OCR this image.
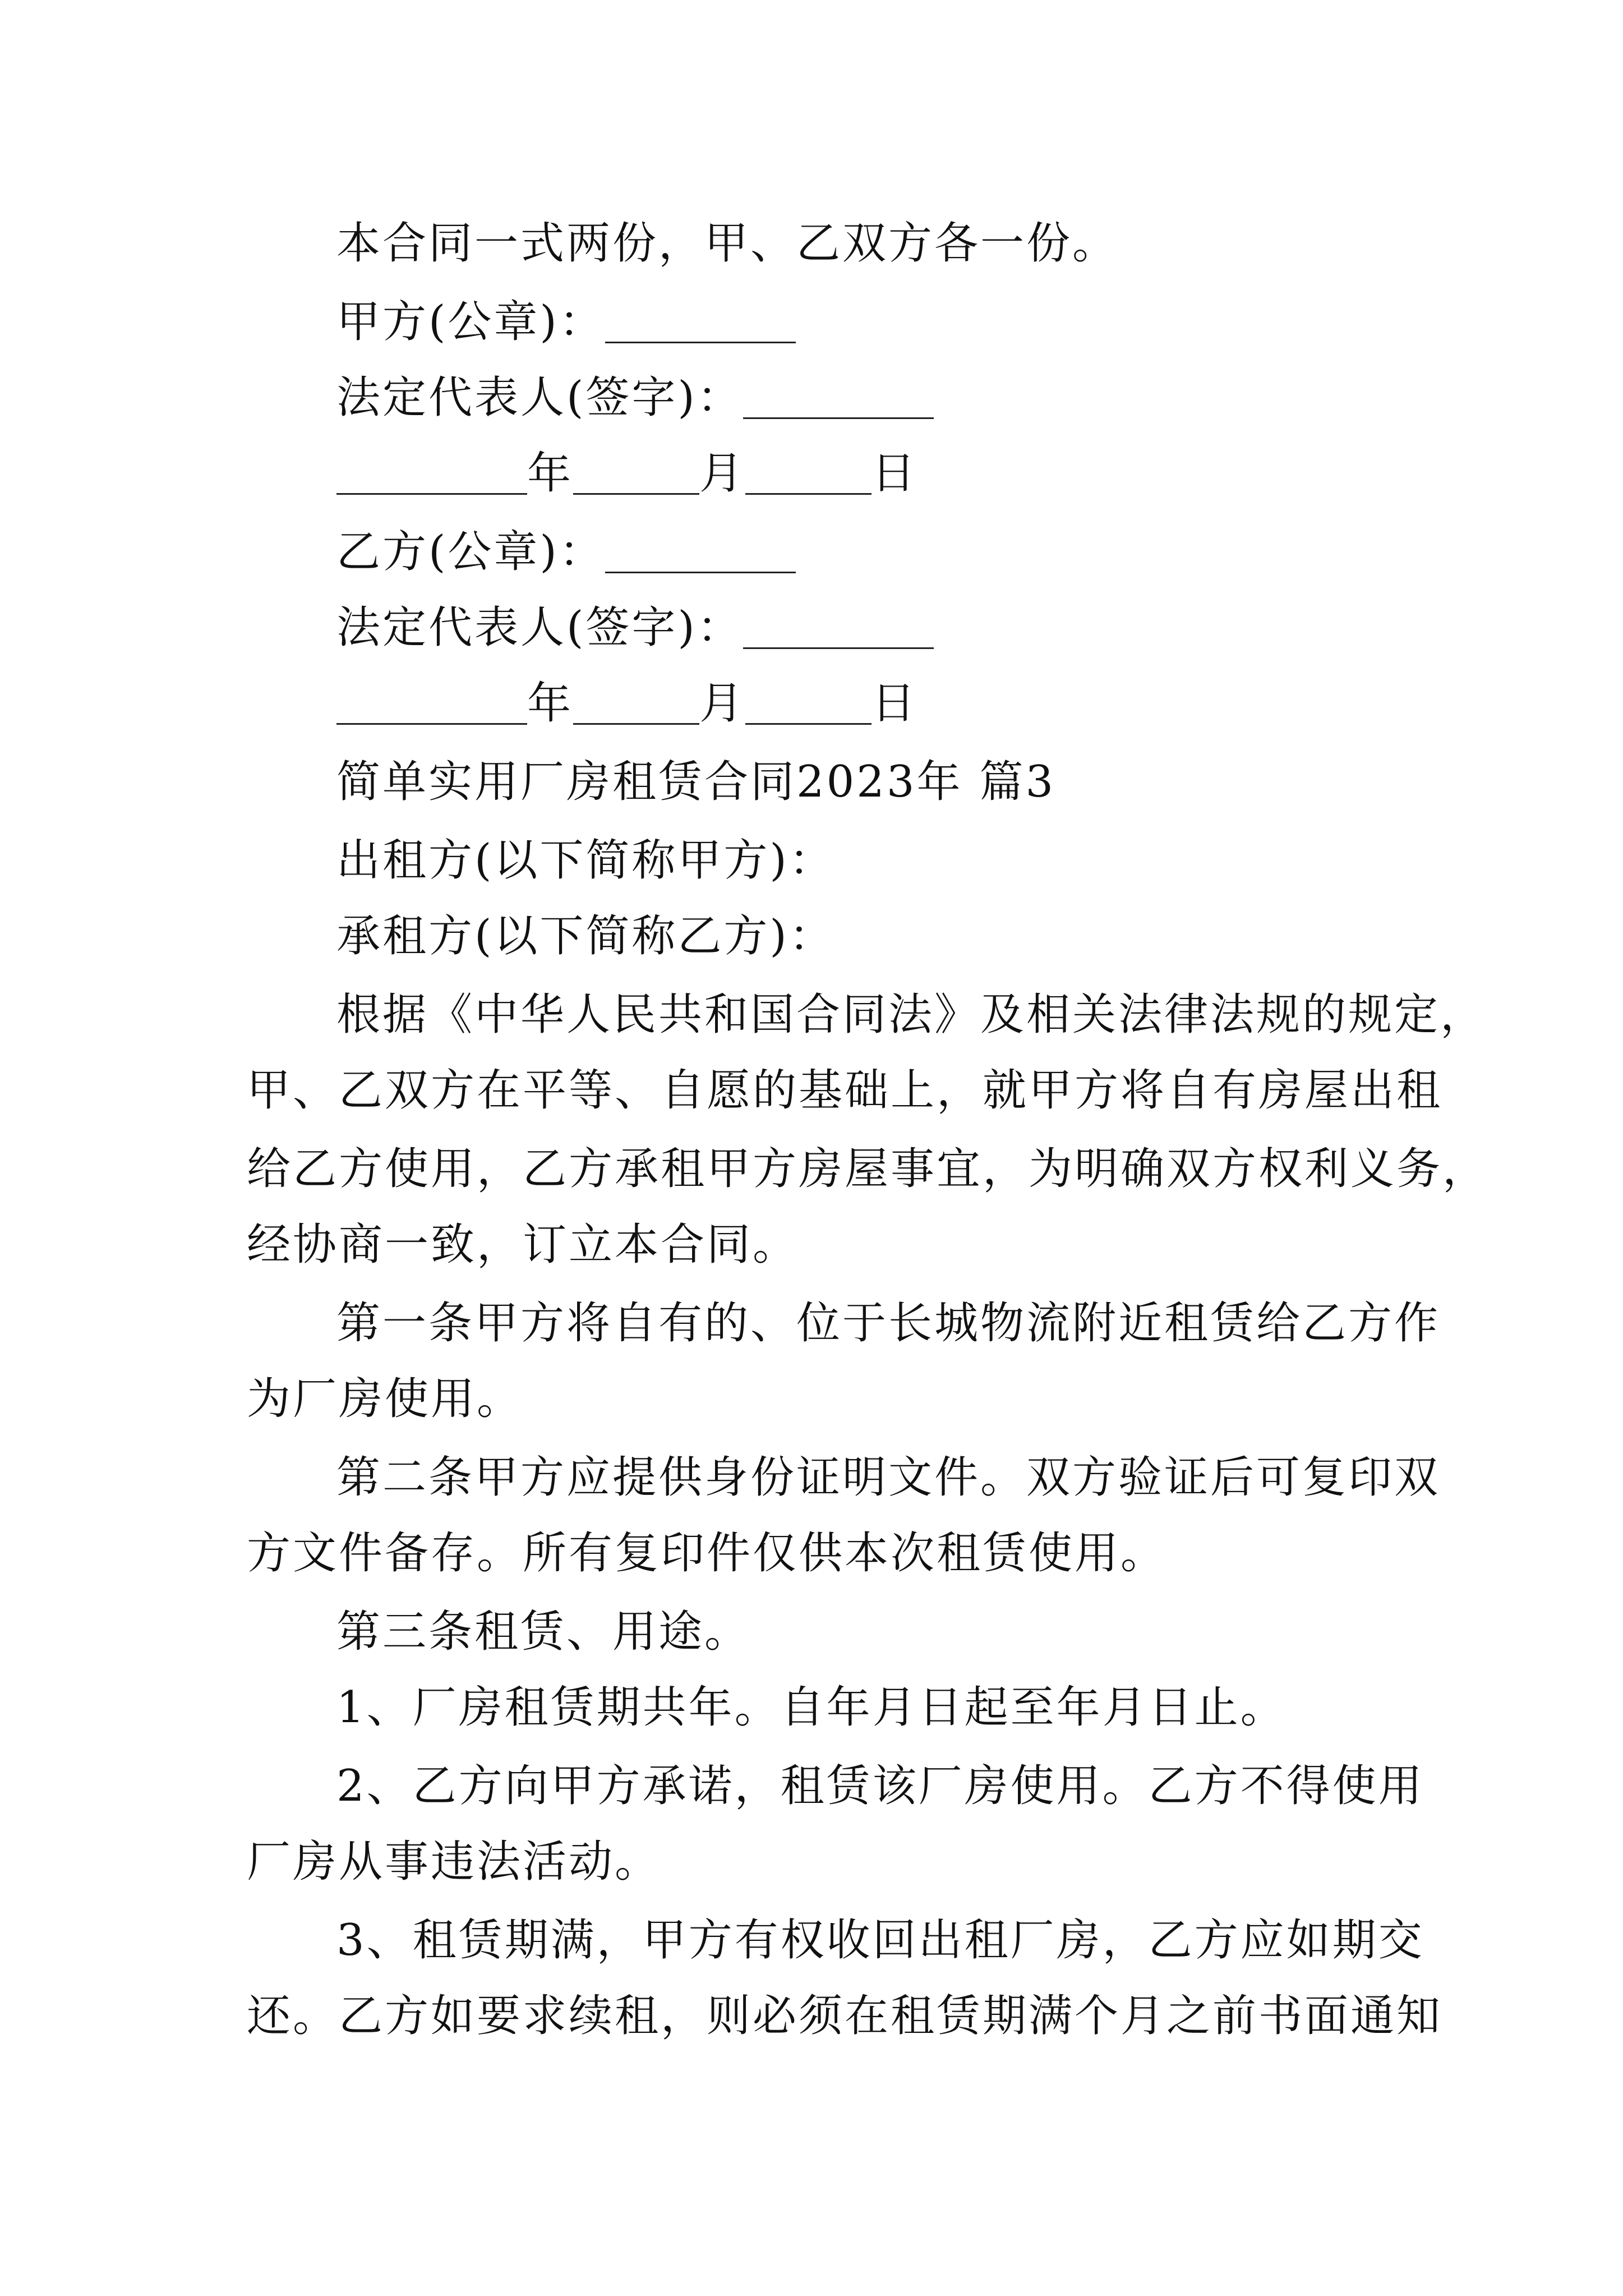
本合同一式两份，甲、乙双方各一份。
甲方(公章)：
法定代表人(签字)：
年	月	日
乙方(公章)：
法定代表人(签字)：
年	月	日
简单实用厂房租赁合同2023年 篇3
出租方(以下简称甲方)：
承租方(以下简称乙方)：
根据《中华人民共和国合同法》及相关法律法规的规定，
甲、乙双方在平等、自愿的基础上，就甲方将自有房屋出租
给乙方使用，乙方承租甲方房屋事宜，为明确双方权利义务，
经协商一致，订立本合同。
第一条甲方将自有的、位于长城物流附近租赁给乙方作
为厂房使用。
第二条甲方应提供身份证明文件。双方验证后可复印双
方文件备存。所有复印件仅供本次租赁使用。
第三条租赁、用途。
1、厂房租赁期共年。自年月日起至年月日止。
2、乙方向甲方承诺，租赁该厂房使用。乙方不得使用
厂房从事违法活动。
3、租赁期满，甲方有权收回出租厂房，乙方应如期交
还。乙方如要求续租，则必须在租赁期满个月之前书面通知
